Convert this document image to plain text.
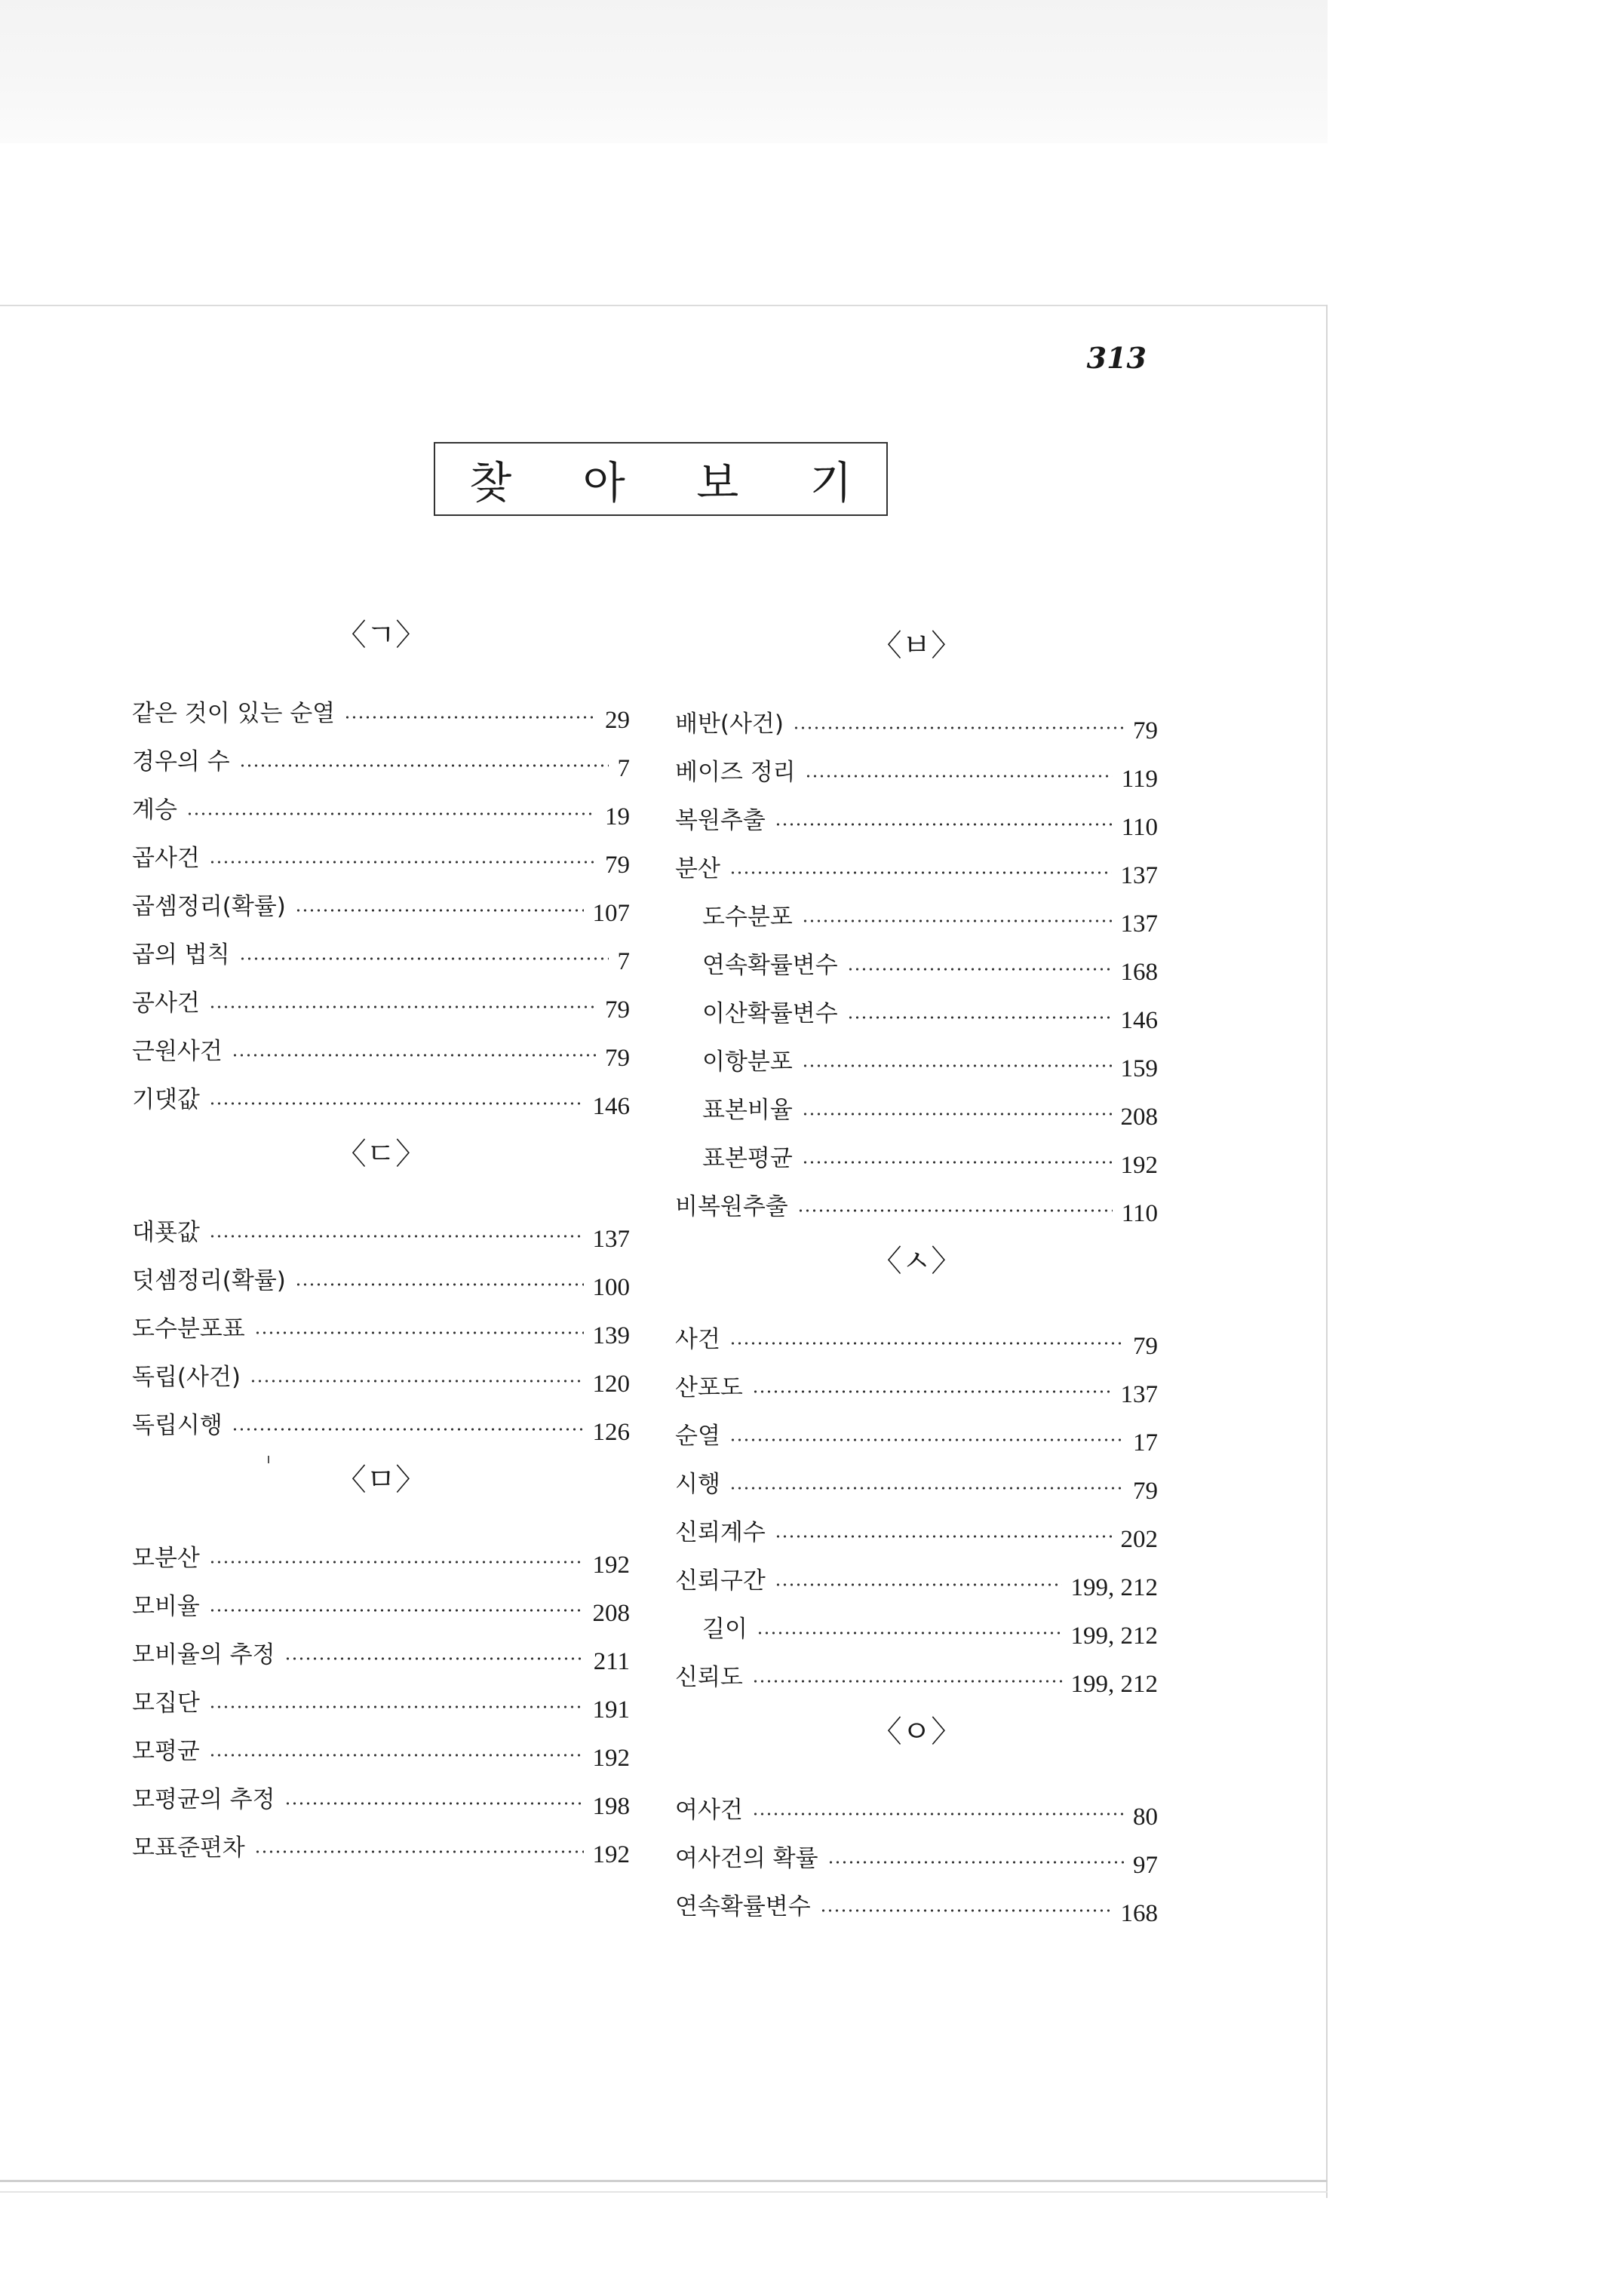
313
찾 아 보 기
〈ㄱ〉
같은 것이 있는 순열	29
경우의 수	7
계승	19
곱사건	79
곱셈정리(확률)	107
곱의 법칙	7
공사건	79
근원사건	79
기댓값	146
〈ㄷ〉
대푯값	137
덧셈정리(확률)	100
도수분포표	139
독립(사건)	120
독립시행	126
〈ㅁ〉
모분산	192
모비율	208
모비율의 추정	211
모집단	191
모평균	192
모평균의 추정	198
모표준편차	192
〈ㅂ〉
배반(사건)	79
베이즈 정리	119
복원추출	110
분산	137
도수분포	137
연속확률변수	168
이산확률변수	146
이항분포	159
표본비율	208
표본평균	192
비복원추출	110
〈ㅅ〉
사건	79
산포도	137
순열	17
시행	79
신뢰계수	202
신뢰구간	199, 212
길이	199, 212
신뢰도	199, 212
〈ㅇ〉
여사건	80
여사건의 확률	97
연속확률변수	168
